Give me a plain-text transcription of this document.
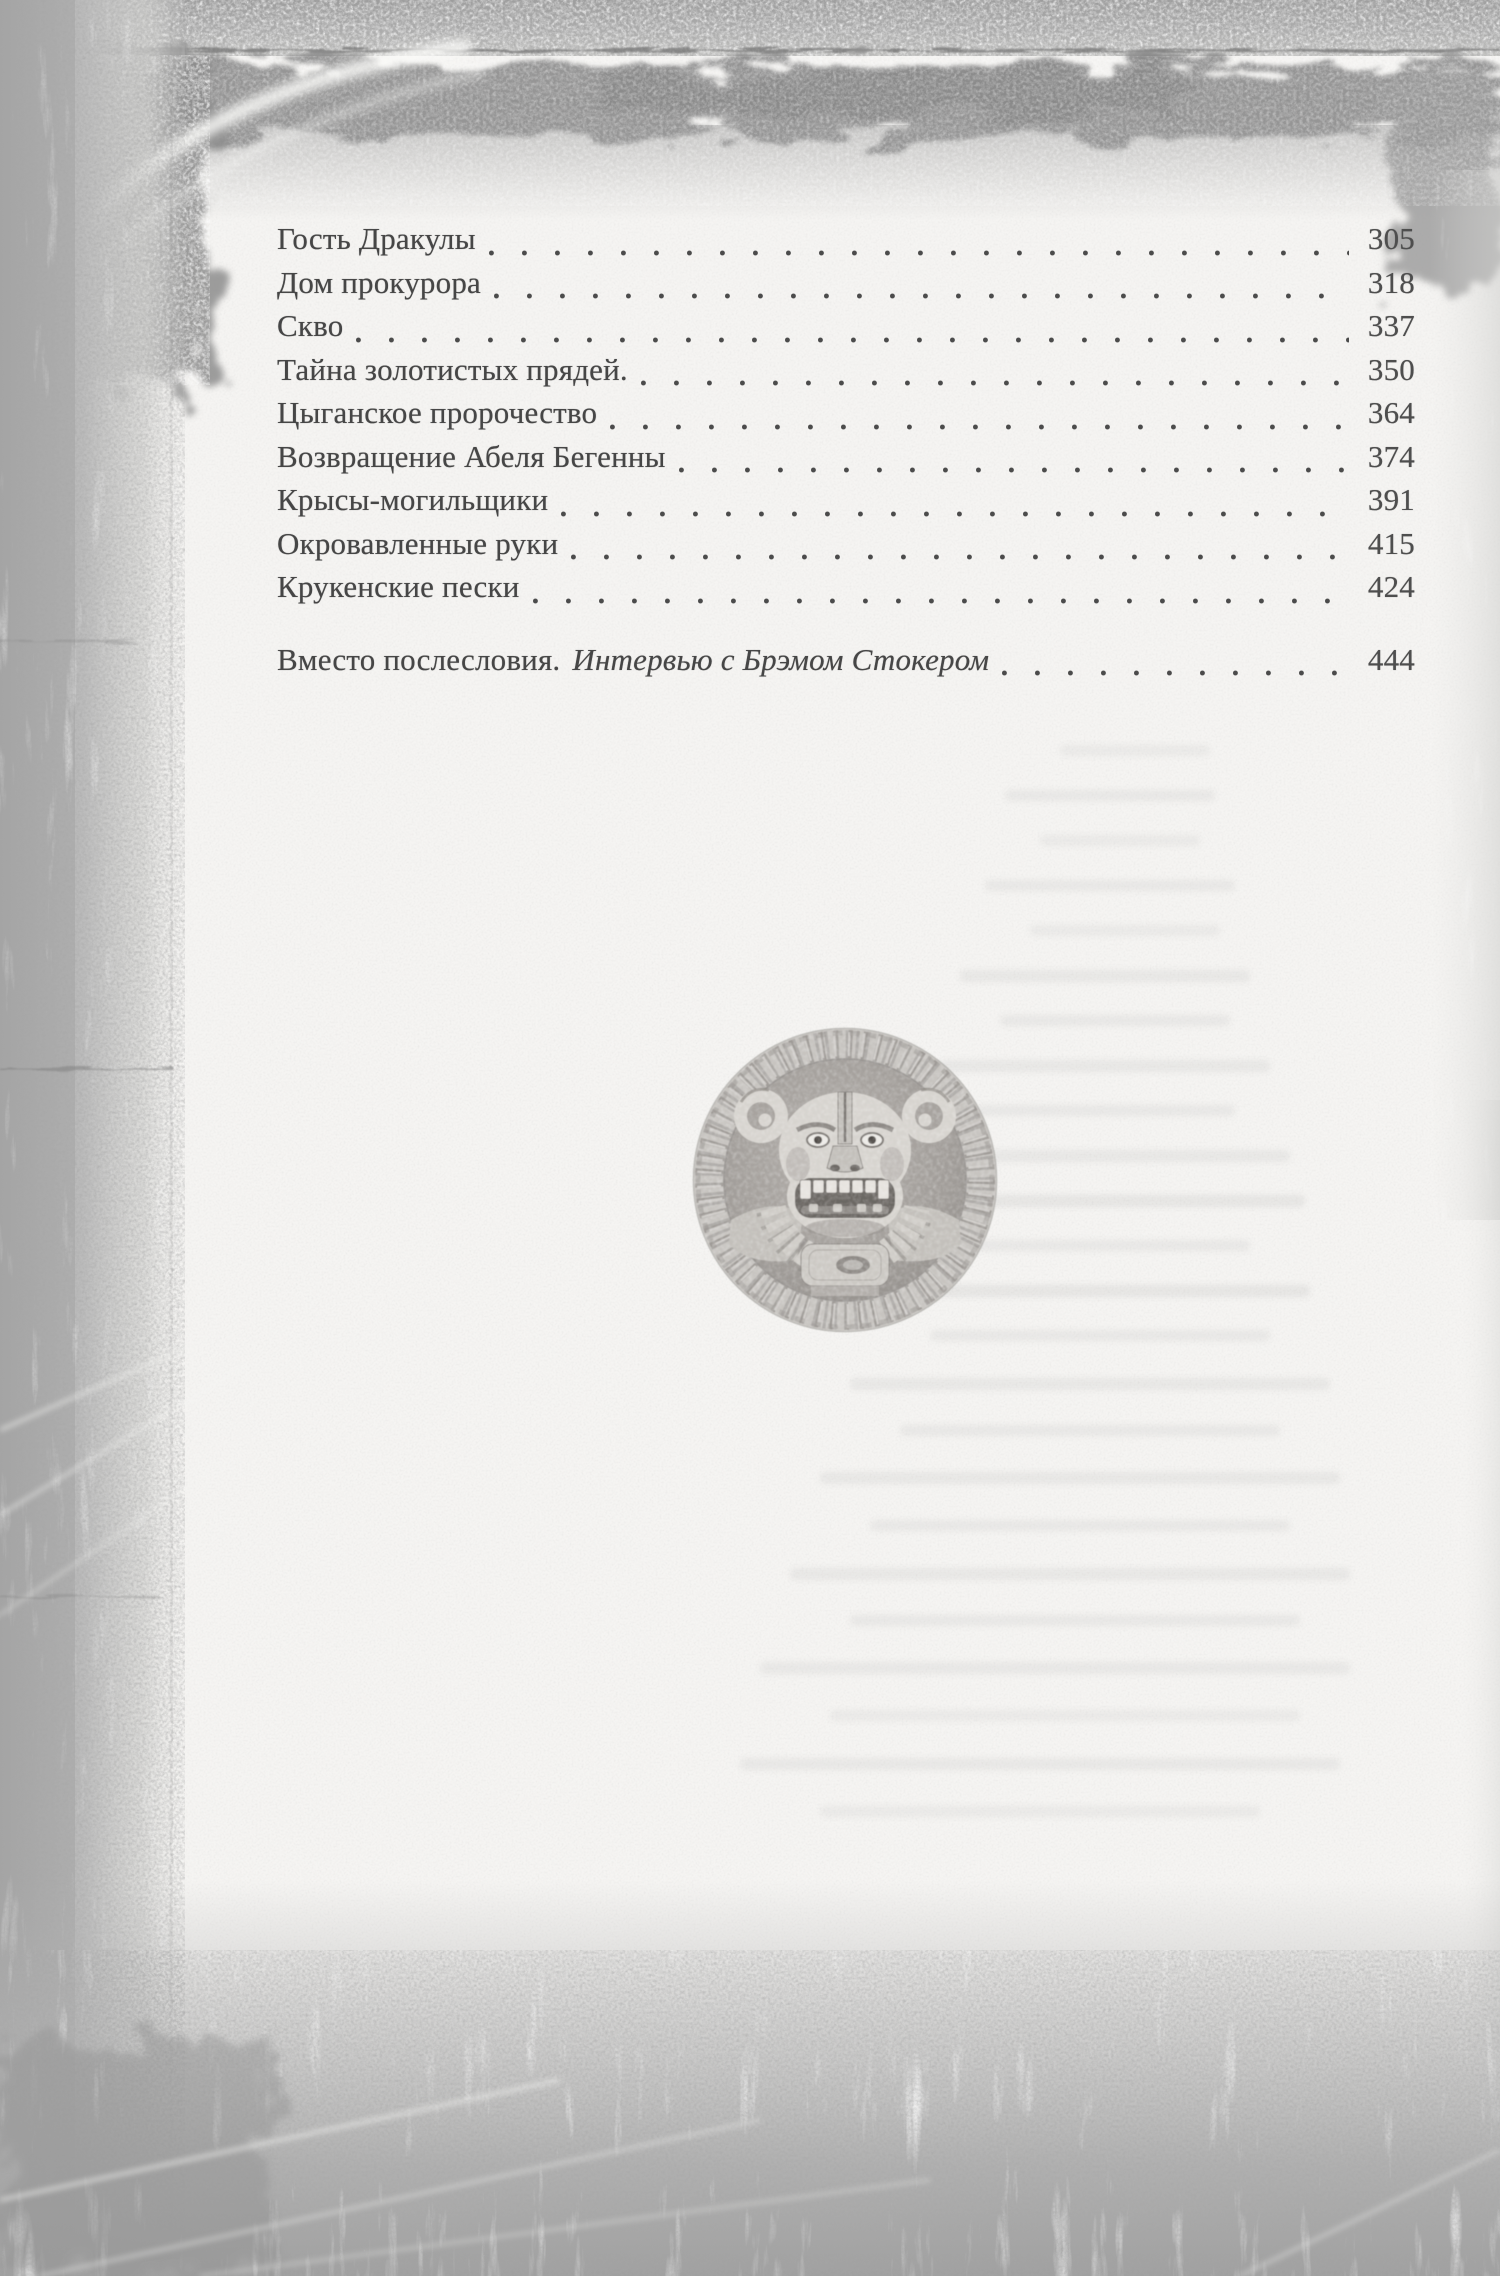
Гость Дракулы	305
Дом прокурора	318
Скво	337
Тайна золотистых прядей.	350
Цыганское пророчество	364
Возвращение Абеля Бегенны	374
Крысы-могильщики	391
Окровавленные руки	415
Крукенские пески	424
Вместо послесловия. Интервью с Брэмом Стокером	444
